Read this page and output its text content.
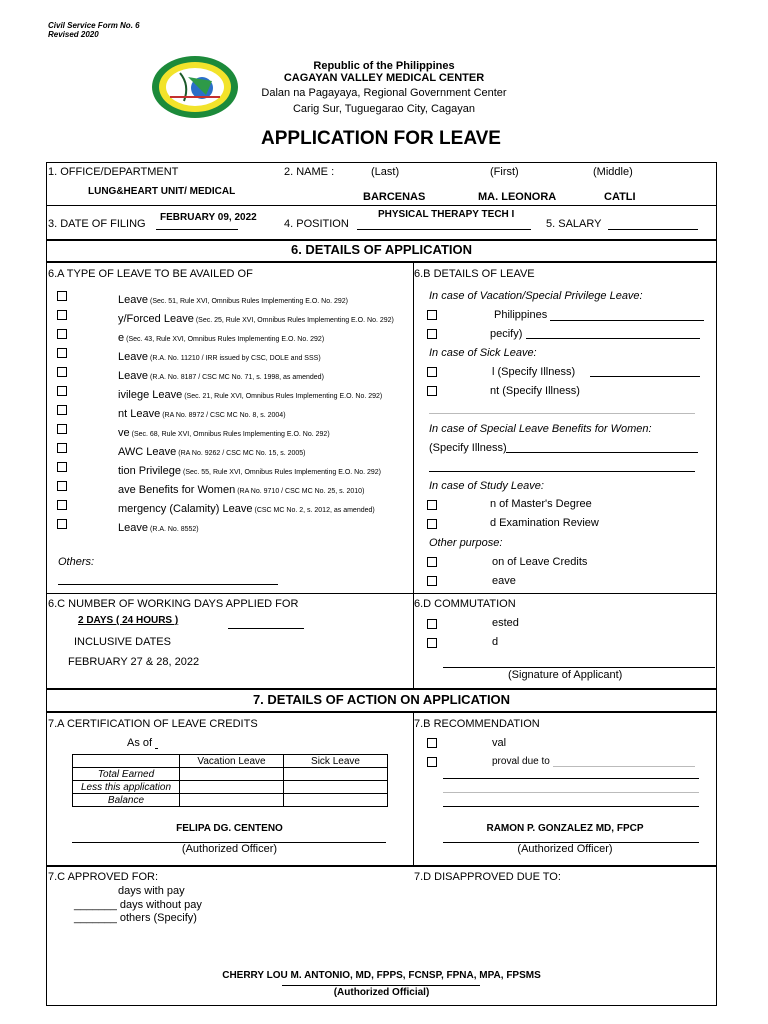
Civil Service Form No. 6
Revised 2020
Republic of the Philippines
CAGAYAN VALLEY MEDICAL CENTER
Dalan na Pagayaya, Regional Government Center
Carig Sur, Tuguegarao City, Cagayan
APPLICATION FOR LEAVE
1. OFFICE/DEPARTMENT
LUNG&HEART UNIT/ MEDICAL
2. NAME :	(Last)	(First)	(Middle)
BARCENAS	MA. LEONORA	CATLI
3. DATE OF FILING
FEBRUARY 09, 2022
4. POSITION
PHYSICAL THERAPY TECH I
5. SALARY
6. DETAILS OF APPLICATION
6.A TYPE OF LEAVE TO BE AVAILED OF	6.B DETAILS OF LEAVE
Leave (Sec. 51, Rule XVI, Omnibus Rules Implementing E.O. No. 292)
y/Forced Leave (Sec. 25, Rule XVI, Omnibus Rules Implementing E.O. No. 292)
e (Sec. 43, Rule XVI, Omnibus Rules Implementing E.O. No. 292)
Leave (R.A. No. 11210 / IRR issued by CSC, DOLE and SSS)
Leave (R.A. No. 8187 / CSC MC No. 71, s. 1998, as amended)
ivilege Leave (Sec. 21, Rule XVI, Omnibus Rules Implementing E.O. No. 292)
nt Leave (RA No. 8972 / CSC MC No. 8, s. 2004)
ve (Sec. 68, Rule XVI, Omnibus Rules Implementing E.O. No. 292)
AWC Leave (RA No. 9262 / CSC MC No. 15, s. 2005)
tion Privilege (Sec. 55, Rule XVI, Omnibus Rules Implementing E.O. No. 292)
ave Benefits for Women (RA No. 9710 / CSC MC No. 25, s. 2010)
mergency (Calamity) Leave (CSC MC No. 2, s. 2012, as amended)
Leave (R.A. No. 8552)
Others:
In case of Vacation/Special Privilege Leave:
Philippines
pecify)
In case of Sick Leave:
l (Specify Illness)
nt (Specify Illness)
In case of Special Leave Benefits for Women:
(Specify Illness)
In case of Study Leave:
n of Master's Degree
d Examination Review
Other purpose:
on of Leave Credits
eave
6.C NUMBER OF WORKING DAYS APPLIED FOR
2 DAYS ( 24 HOURS )
INCLUSIVE DATES
FEBRUARY 27 & 28, 2022
6.D COMMUTATION
ested
d
(Signature of Applicant)
7. DETAILS OF ACTION ON APPLICATION
7.A CERTIFICATION OF LEAVE CREDITS
As of
	Vacation Leave	Sick Leave
Total Earned		
Less this application		
Balance		
FELIPA DG. CENTENO
(Authorized Officer)
7.B RECOMMENDATION
val
proval due to
RAMON P. GONZALEZ MD, FPCP
(Authorized Officer)
7.C APPROVED FOR:
days with pay
_______ days without pay
_______ others (Specify)
7.D DISAPPROVED DUE TO:
CHERRY LOU M. ANTONIO, MD, FPPS, FCNSP, FPNA, MPA, FPSMS
(Authorized Official)
